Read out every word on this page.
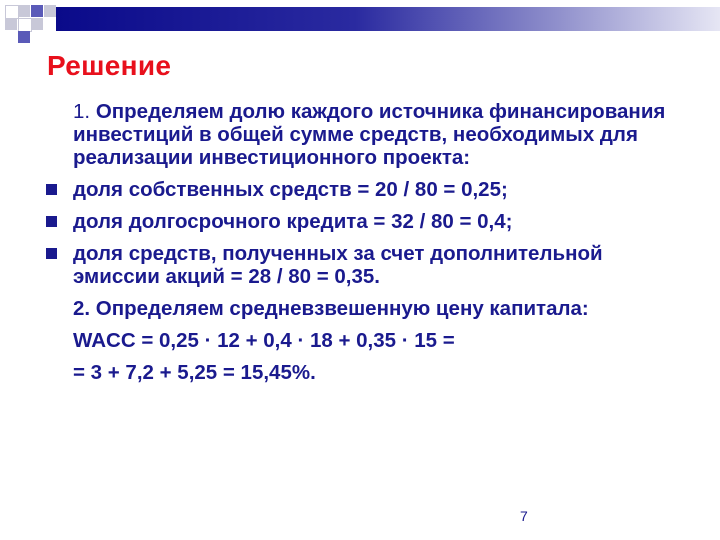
Решение
1. Определяем долю каждого источника финансирования инвестиций в общей сумме средств, необходимых для реализации инвестиционного проекта:
доля собственных средств = 20 / 80 = 0,25;
доля долгосрочного кредита = 32 / 80 = 0,4;
доля средств, полученных за счет дополнительной эмиссии акций = 28 / 80 = 0,35.
2. Определяем средневзвешенную цену капитала:
WACC = 0,25 · 12 + 0,4 · 18 + 0,35 · 15 =
= 3 + 7,2 + 5,25 = 15,45%.
7
